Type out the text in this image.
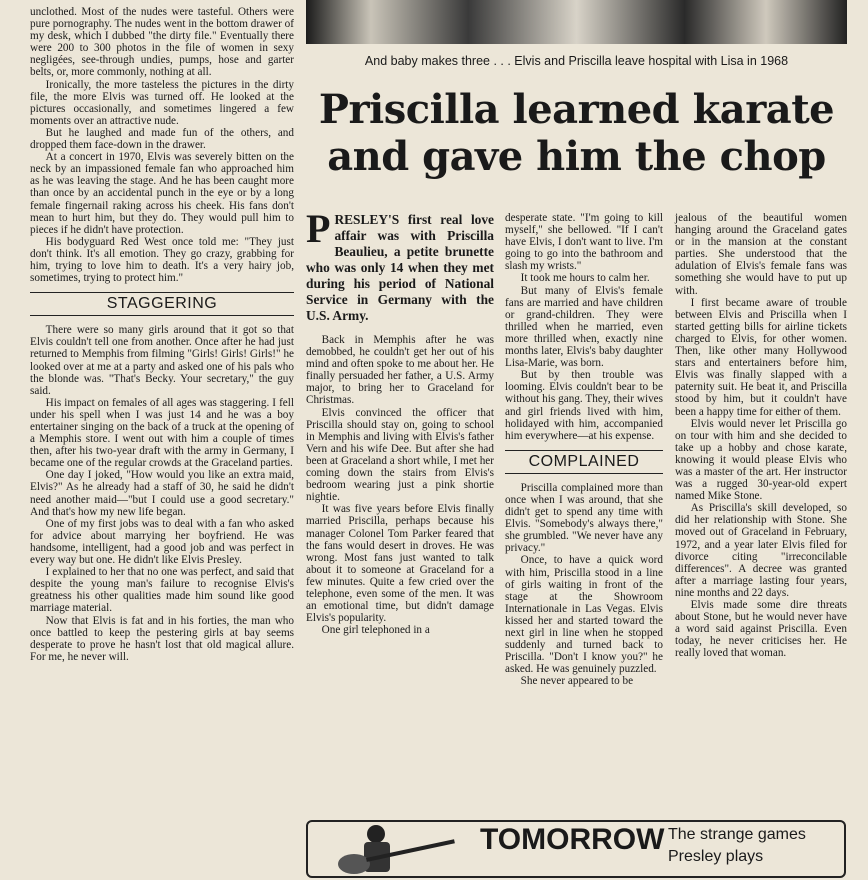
And baby makes three . . . Elvis and Priscilla leave hospital with Lisa in 1968
Priscilla learned karate and gave him the chop

unclothed. Most of the nudes were tasteful. Others were pure pornography. The nudes went in the bottom drawer of my desk, which I dubbed "the dirty file." Eventually there were 200 to 300 photos in the file of women in sexy negligées, see-through undies, pumps, hose and garter belts, or, more commonly, nothing at all.

Ironically, the more tasteless the pictures in the dirty file, the more Elvis was turned off. He looked at the pictures occasionally, and sometimes lingered a few moments over an attractive nude.

But he laughed and made fun of the others, and dropped them face-down in the drawer.

At a concert in 1970, Elvis was severely bitten on the neck by an impassioned female fan who approached him as he was leaving the stage. And he has been caught more than once by an accidental punch in the eye or by a long female fingernail raking across his cheek. His fans don't mean to hurt him, but they do. They would pull him to pieces if he didn't have protection.

His bodyguard Red West once told me: "They just don't think. It's all emotion. They go crazy, grabbing for him, trying to love him to death. It's a very hairy job, sometimes, trying to protect him."

STAGGERING

There were so many girls around that it got so that Elvis couldn't tell one from another. Once after he had just returned to Memphis from filming "Girls! Girls! Girls!" he looked over at me at a party and asked one of his pals who the blonde was. "That's Becky. Your secretary," the guy said.

His impact on females of all ages was staggering. I fell under his spell when I was just 14 and he was a boy entertainer singing on the back of a truck at the opening of a Memphis store. I went out with him a couple of times then, after his two-year draft with the army in Germany, I became one of the regular crowds at the Graceland parties.

One day I joked, "How would you like an extra maid, Elvis?" As he already had a staff of 30, he said he didn't need another maid—"but I could use a good secretary." And that's how my new life began.

One of my first jobs was to deal with a fan who asked for advice about marrying her boyfriend. He was handsome, intelligent, had a good job and was perfect in every way but one. He didn't like Elvis Presley.

I explained to her that no one was perfect, and said that despite the young man's failure to recognise Elvis's greatness his other qualities made him sound like good marriage material.

Now that Elvis is fat and in his forties, the man who once battled to keep the pestering girls at bay seems desperate to prove he hasn't lost that old magical allure. For me, he never will.

PRESLEY'S first real love affair was with Priscilla Beaulieu, a petite brunette who was only 14 when they met during his period of National Service in Germany with the U.S. Army.

Back in Memphis after he was demobbed, he couldn't get her out of his mind and often spoke to me about her. He finally persuaded her father, a U.S. Army major, to bring her to Graceland for Christmas.

Elvis convinced the officer that Priscilla should stay on, going to school in Memphis and living with Elvis's father Vern and his wife Dee. But after she had been at Graceland a short while, I met her coming down the stairs from Elvis's bedroom wearing just a pink shortie nightie.

It was five years before Elvis finally married Priscilla, perhaps because his manager Colonel Tom Parker feared that the fans would desert in droves. He was wrong. Most fans just wanted to talk about it to someone at Graceland for a few minutes. Quite a few cried over the telephone, even some of the men. It was an emotional time, but didn't damage Elvis's popularity.

One girl telephoned in a

desperate state. "I'm going to kill myself," she bellowed. "If I can't have Elvis, I don't want to live. I'm going to go into the bathroom and slash my wrists."

It took me hours to calm her.

But many of Elvis's female fans are married and have children or grand-children. They were thrilled when he married, even more thrilled when, exactly nine months later, Elvis's baby daughter Lisa-Marie, was born.

But by then trouble was looming. Elvis couldn't bear to be without his gang. They, their wives and girl friends lived with him, holidayed with him, accompanied him everywhere—at his expense.

COMPLAINED

Priscilla complained more than once when I was around, that she didn't get to spend any time with Elvis. "Somebody's always there," she grumbled. "We never have any privacy."

Once, to have a quick word with him, Priscilla stood in a line of girls waiting in front of the stage at the Showroom Internationale in Las Vegas. Elvis kissed her and started toward the next girl in line when he stopped suddenly and turned back to Priscilla. "Don't I know you?" he asked. He was genuinely puzzled.

She never appeared to be

jealous of the beautiful women hanging around the Graceland gates or in the mansion at the constant parties. She understood that the adulation of Elvis's female fans was something she would have to put up with.

I first became aware of trouble between Elvis and Priscilla when I started getting bills for airline tickets charged to Elvis, for other women. Then, like other many Hollywood stars and entertainers before him, Elvis was finally slapped with a paternity suit. He beat it, and Priscilla stood by him, but it couldn't have been a happy time for either of them.

Elvis would never let Priscilla go on tour with him and she decided to take up a hobby and chose karate, knowing it would please Elvis who was a master of the art. Her instructor was a rugged 30-year-old expert named Mike Stone.

As Priscilla's skill developed, so did her relationship with Stone. She moved out of Graceland in February, 1972, and a year later Elvis filed for divorce citing "irreconcilable differences". A decree was granted after a marriage lasting four years, nine months and 22 days.

Elvis made some dire threats about Stone, but he would never have a word said against Priscilla. Even today, he never criticises her. He really loved that woman.

TOMORROW The strange games
Presley plays
